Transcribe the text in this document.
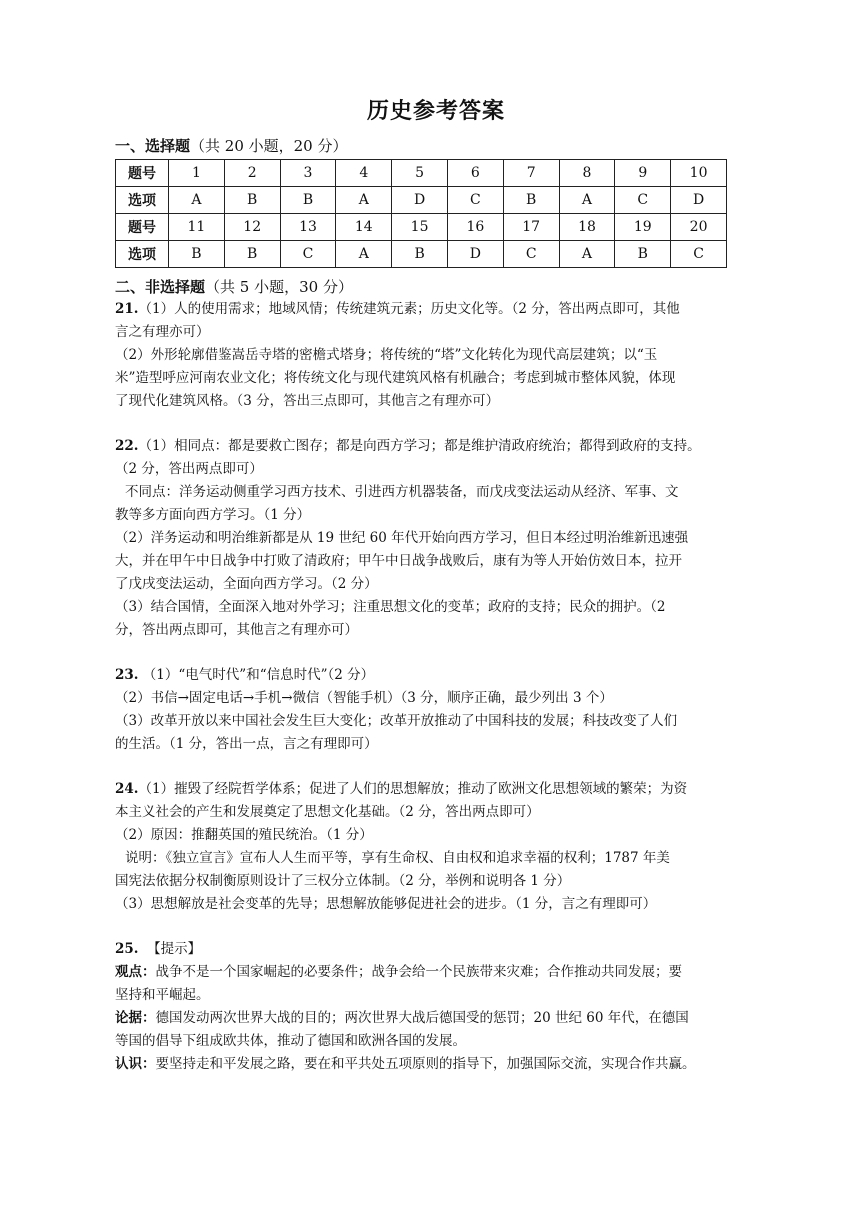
历史参考答案

一、选择题（共 20 小题，20 分）

题号	1	2	3	4	5	6	7	8	9	10
选项	A	B	B	A	D	C	B	A	C	D
题号	11	12	13	14	15	16	17	18	19	20
选项	B	B	C	A	B	D	C	A	B	C

二、非选择题（共 5 小题，30 分）

21.（1）人的使用需求；地域风情；传统建筑元素；历史文化等。（2 分，答出两点即可，其他

言之有理亦可）

（2）外形轮廓借鉴嵩岳寺塔的密檐式塔身；将传统的“塔”文化转化为现代高层建筑；以“玉

米”造型呼应河南农业文化；将传统文化与现代建筑风格有机融合；考虑到城市整体风貌，体现

了现代化建筑风格。（3 分，答出三点即可，其他言之有理亦可）

22.（1）相同点：都是要救亡图存；都是向西方学习；都是维护清政府统治；都得到政府的支持。

（2 分，答出两点即可）

不同点：洋务运动侧重学习西方技术、引进西方机器装备，而戊戌变法运动从经济、军事、文

教等多方面向西方学习。（1 分）

（2）洋务运动和明治维新都是从 19 世纪 60 年代开始向西方学习，但日本经过明治维新迅速强

大，并在甲午中日战争中打败了清政府；甲午中日战争战败后，康有为等人开始仿效日本，拉开

了戊戌变法运动，全面向西方学习。（2 分）

（3）结合国情，全面深入地对外学习；注重思想文化的变革；政府的支持；民众的拥护。（2

分，答出两点即可，其他言之有理亦可）

23. （1）“电气时代”和“信息时代”（2 分）

（2）书信→固定电话→手机→微信（智能手机）（3 分，顺序正确，最少列出 3 个）

（3）改革开放以来中国社会发生巨大变化；改革开放推动了中国科技的发展；科技改变了人们

的生活。（1 分，答出一点，言之有理即可）

24.（1）摧毁了经院哲学体系；促进了人们的思想解放；推动了欧洲文化思想领域的繁荣；为资

本主义社会的产生和发展奠定了思想文化基础。（2 分，答出两点即可）

（2）原因：推翻英国的殖民统治。（1 分）

说明：《独立宣言》宣布人人生而平等，享有生命权、自由权和追求幸福的权利；1787 年美

国宪法依据分权制衡原则设计了三权分立体制。（2 分，举例和说明各 1 分）

（3）思想解放是社会变革的先导；思想解放能够促进社会的进步。（1 分，言之有理即可）

25. 【提示】

观点：战争不是一个国家崛起的必要条件；战争会给一个民族带来灾难；合作推动共同发展；要

坚持和平崛起。

论据：德国发动两次世界大战的目的；两次世界大战后德国受的惩罚；20 世纪 60 年代，在德国

等国的倡导下组成欧共体，推动了德国和欧洲各国的发展。

认识：要坚持走和平发展之路，要在和平共处五项原则的指导下，加强国际交流，实现合作共赢。
